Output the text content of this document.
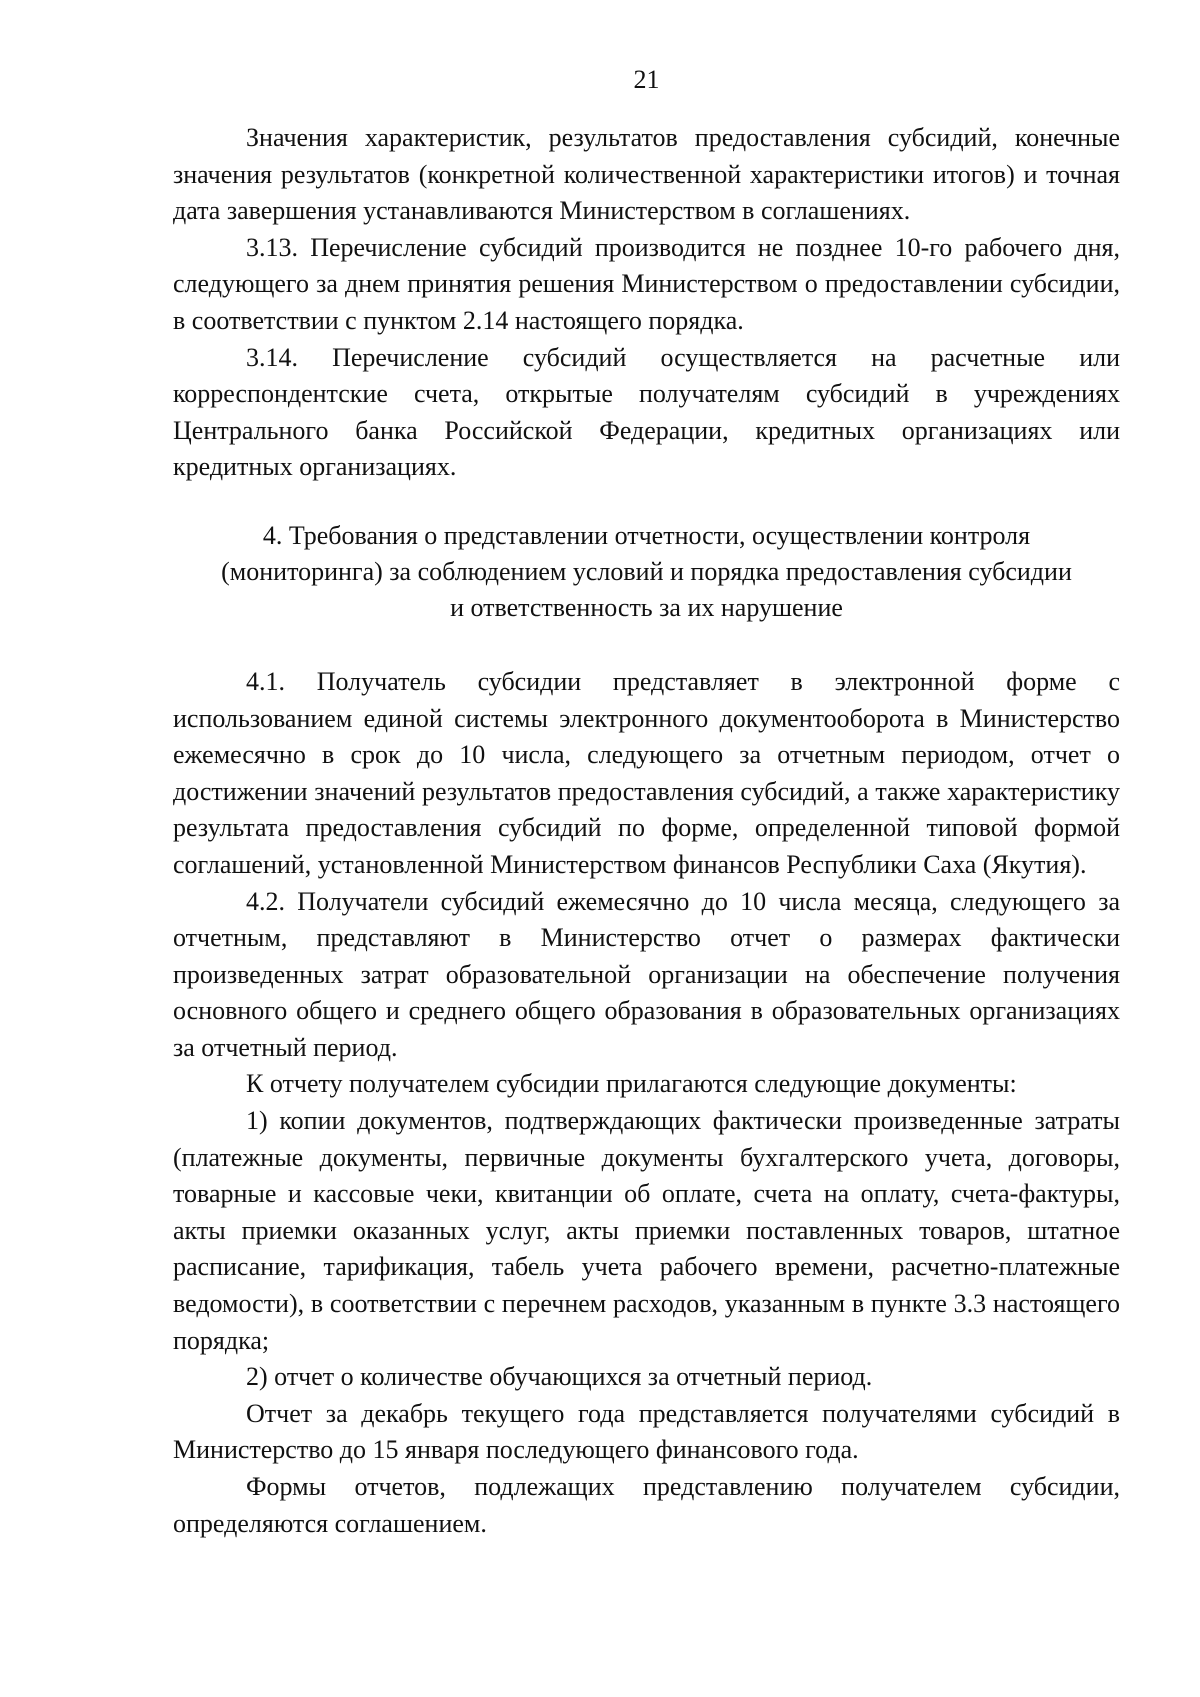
21

Значения характеристик, результатов предоставления субсидий, конечные значения результатов (конкретной количественной характеристики итогов) и точная дата завершения устанавливаются Министерством в соглашениях.

3.13. Перечисление субсидий производится не позднее 10-го рабочего дня, следующего за днем принятия решения Министерством о предоставлении субсидии, в соответствии с пунктом 2.14 настоящего порядка.

3.14. Перечисление субсидий осуществляется на расчетные или корреспондентские счета, открытые получателям субсидий в учреждениях Центрального банка Российской Федерации, кредитных организациях или кредитных организациях.

4. Требования о представлении отчетности, осуществлении контроля
(мониторинга) за соблюдением условий и порядка предоставления субсидии
и ответственность за их нарушение

4.1. Получатель субсидии представляет в электронной форме с использованием единой системы электронного документооборота в Министерство ежемесячно в срок до 10 числа, следующего за отчетным периодом, отчет о достижении значений результатов предоставления субсидий, а также характеристику результата предоставления субсидий по форме, определенной типовой формой соглашений, установленной Министерством финансов Республики Саха (Якутия).

4.2. Получатели субсидий ежемесячно до 10 числа месяца, следующего за отчетным, представляют в Министерство отчет о размерах фактически произведенных затрат образовательной организации на обеспечение получения основного общего и среднего общего образования в образовательных организациях за отчетный период.

К отчету получателем субсидии прилагаются следующие документы:

1) копии документов, подтверждающих фактически произведенные затраты (платежные документы, первичные документы бухгалтерского учета, договоры, товарные и кассовые чеки, квитанции об оплате, счета на оплату, счета-фактуры, акты приемки оказанных услуг, акты приемки поставленных товаров, штатное расписание, тарификация, табель учета рабочего времени, расчетно-платежные ведомости), в соответствии с перечнем расходов, указанным в пункте 3.3 настоящего порядка;

2) отчет о количестве обучающихся за отчетный период.

Отчет за декабрь текущего года представляется получателями субсидий в Министерство до 15 января последующего финансового года.

Формы отчетов, подлежащих представлению получателем субсидии, определяются соглашением.
